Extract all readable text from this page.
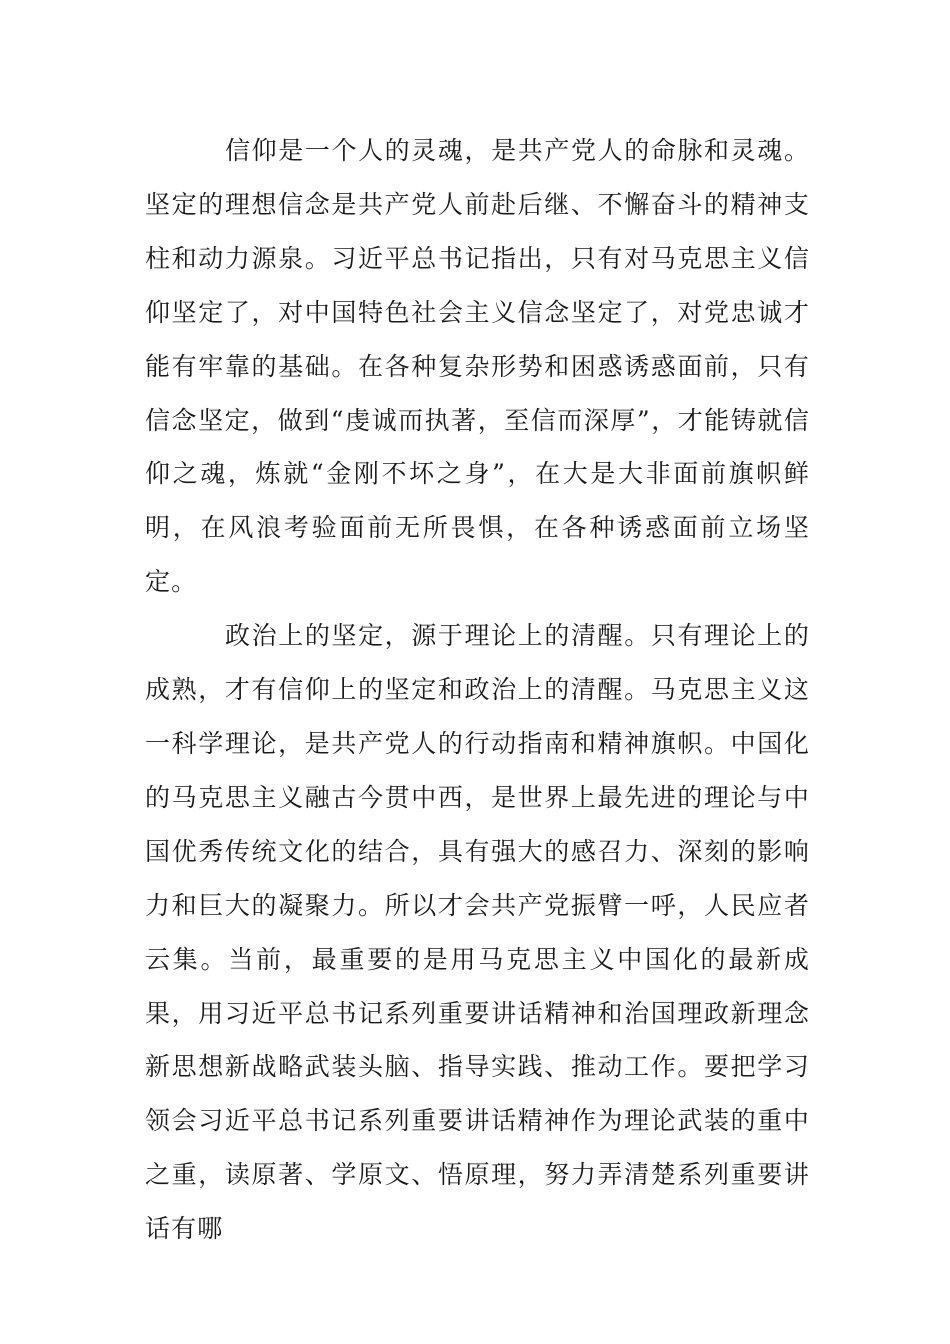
信仰是一个人的灵魂，是共产党人的命脉和灵魂。坚定的理想信念是共产党人前赴后继、不懈奋斗的精神支柱和动力源泉。习近平总书记指出，只有对马克思主义信仰坚定了，对中国特色社会主义信念坚定了，对党忠诚才能有牢靠的基础。在各种复杂形势和困惑诱惑面前，只有信念坚定，做到“虔诚而执著，至信而深厚”，才能铸就信仰之魂，炼就“金刚不坏之身”，在大是大非面前旗帜鲜明，在风浪考验面前无所畏惧，在各种诱惑面前立场坚定。

政治上的坚定，源于理论上的清醒。只有理论上的成熟，才有信仰上的坚定和政治上的清醒。马克思主义这一科学理论，是共产党人的行动指南和精神旗帜。中国化的马克思主义融古今贯中西，是世界上最先进的理论与中国优秀传统文化的结合，具有强大的感召力、深刻的影响力和巨大的凝聚力。所以才会共产党振臂一呼，人民应者云集。当前，最重要的是用马克思主义中国化的最新成果，用习近平总书记系列重要讲话精神和治国理政新理念新思想新战略武装头脑、指导实践、推动工作。要把学习领会习近平总书记系列重要讲话精神作为理论武装的重中之重，读原著、学原文、悟原理，努力弄清楚系列重要讲话有哪
